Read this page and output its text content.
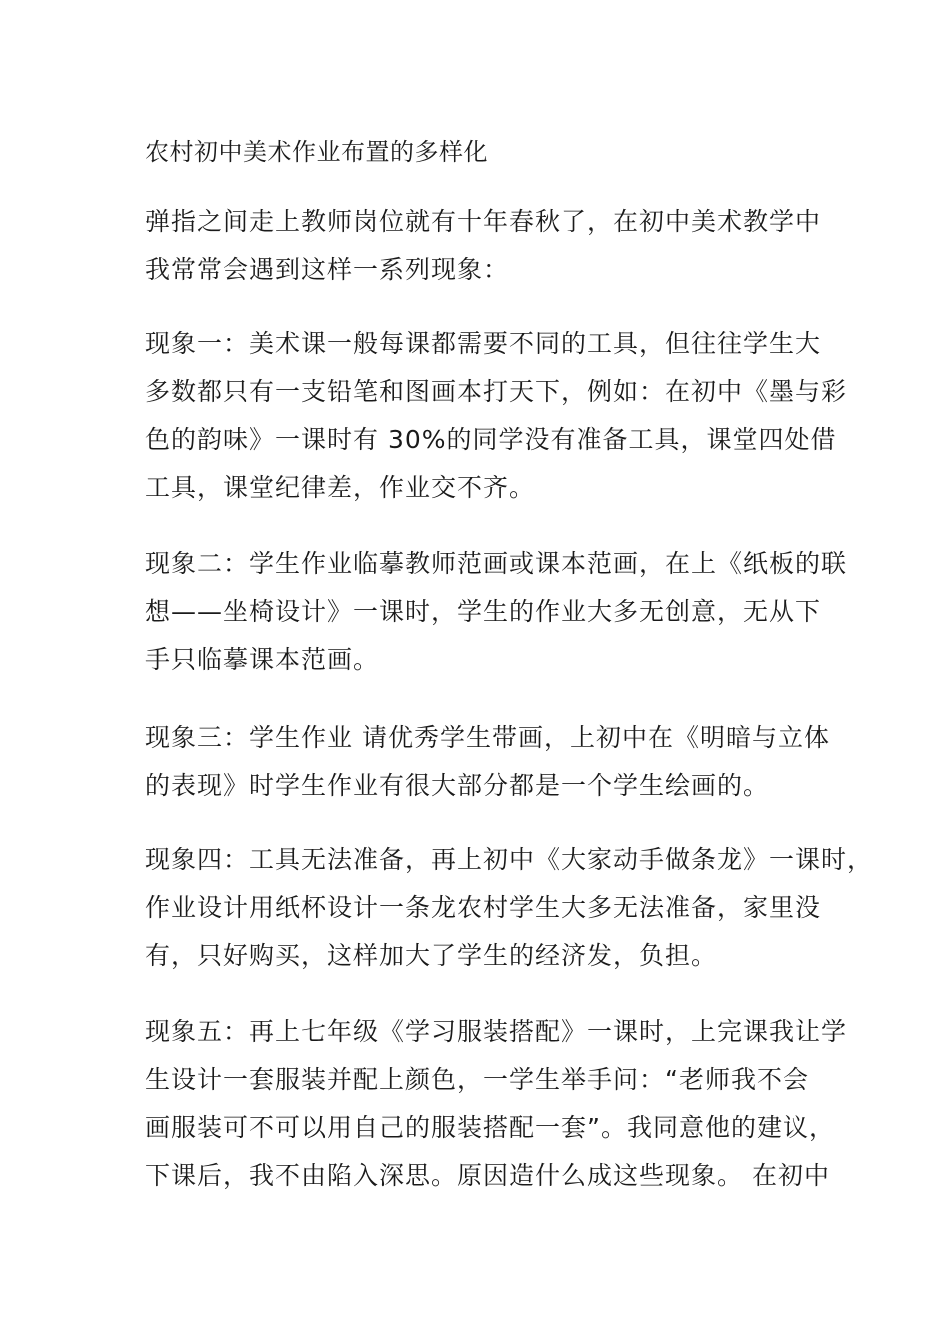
农村初中美术作业布置的多样化
弹指之间走上教师岗位就有十年春秋了，在初中美术教学中
我常常会遇到这样一系列现象：
现象一：美术课一般每课都需要不同的工具，但往往学生大
多数都只有一支铅笔和图画本打天下，例如：在初中《墨与彩
色的韵味》一课时有 30%的同学没有准备工具，课堂四处借
工具，课堂纪律差，作业交不齐。
现象二：学生作业临摹教师范画或课本范画，在上《纸板的联
想——坐椅设计》一课时，学生的作业大多无创意，无从下
手只临摹课本范画。
现象三：学生作业 请优秀学生带画，上初中在《明暗与立体
的表现》时学生作业有很大部分都是一个学生绘画的。
现象四：工具无法准备，再上初中《大家动手做条龙》一课时，
作业设计用纸杯设计一条龙农村学生大多无法准备，家里没
有，只好购买，这样加大了学生的经济发，负担。
现象五：再上七年级《学习服装搭配》一课时，上完课我让学
生设计一套服装并配上颜色，一学生举手问：“老师我不会
画服装可不可以用自己的服装搭配一套”。我同意他的建议，
下课后，我不由陷入深思。原因造什么成这些现象。 在初中
